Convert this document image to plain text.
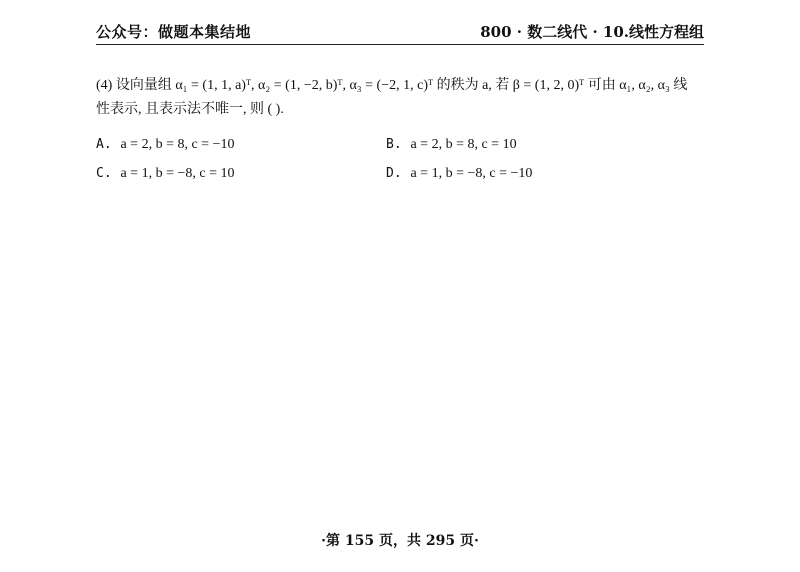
公众号：做题本集结地	800 · 数二线代 · 10.线性方程组

(4) 设向量组 α₁ = (1, 1, a)ᵀ, α₂ = (1, −2, b)ᵀ, α₃ = (−2, 1, c)ᵀ 的秩为 a, 若 β = (1, 2, 0)ᵀ 可由 α₁, α₂, α₃ 线

性表示, 且表示法不唯一, 则 ( ).

A. a = 2, b = 8, c = −10	B. a = 2, b = 8, c = 10
C. a = 1, b = −8, c = 10	D. a = 1, b = −8, c = −10
·第 155 页，共 295 页·
